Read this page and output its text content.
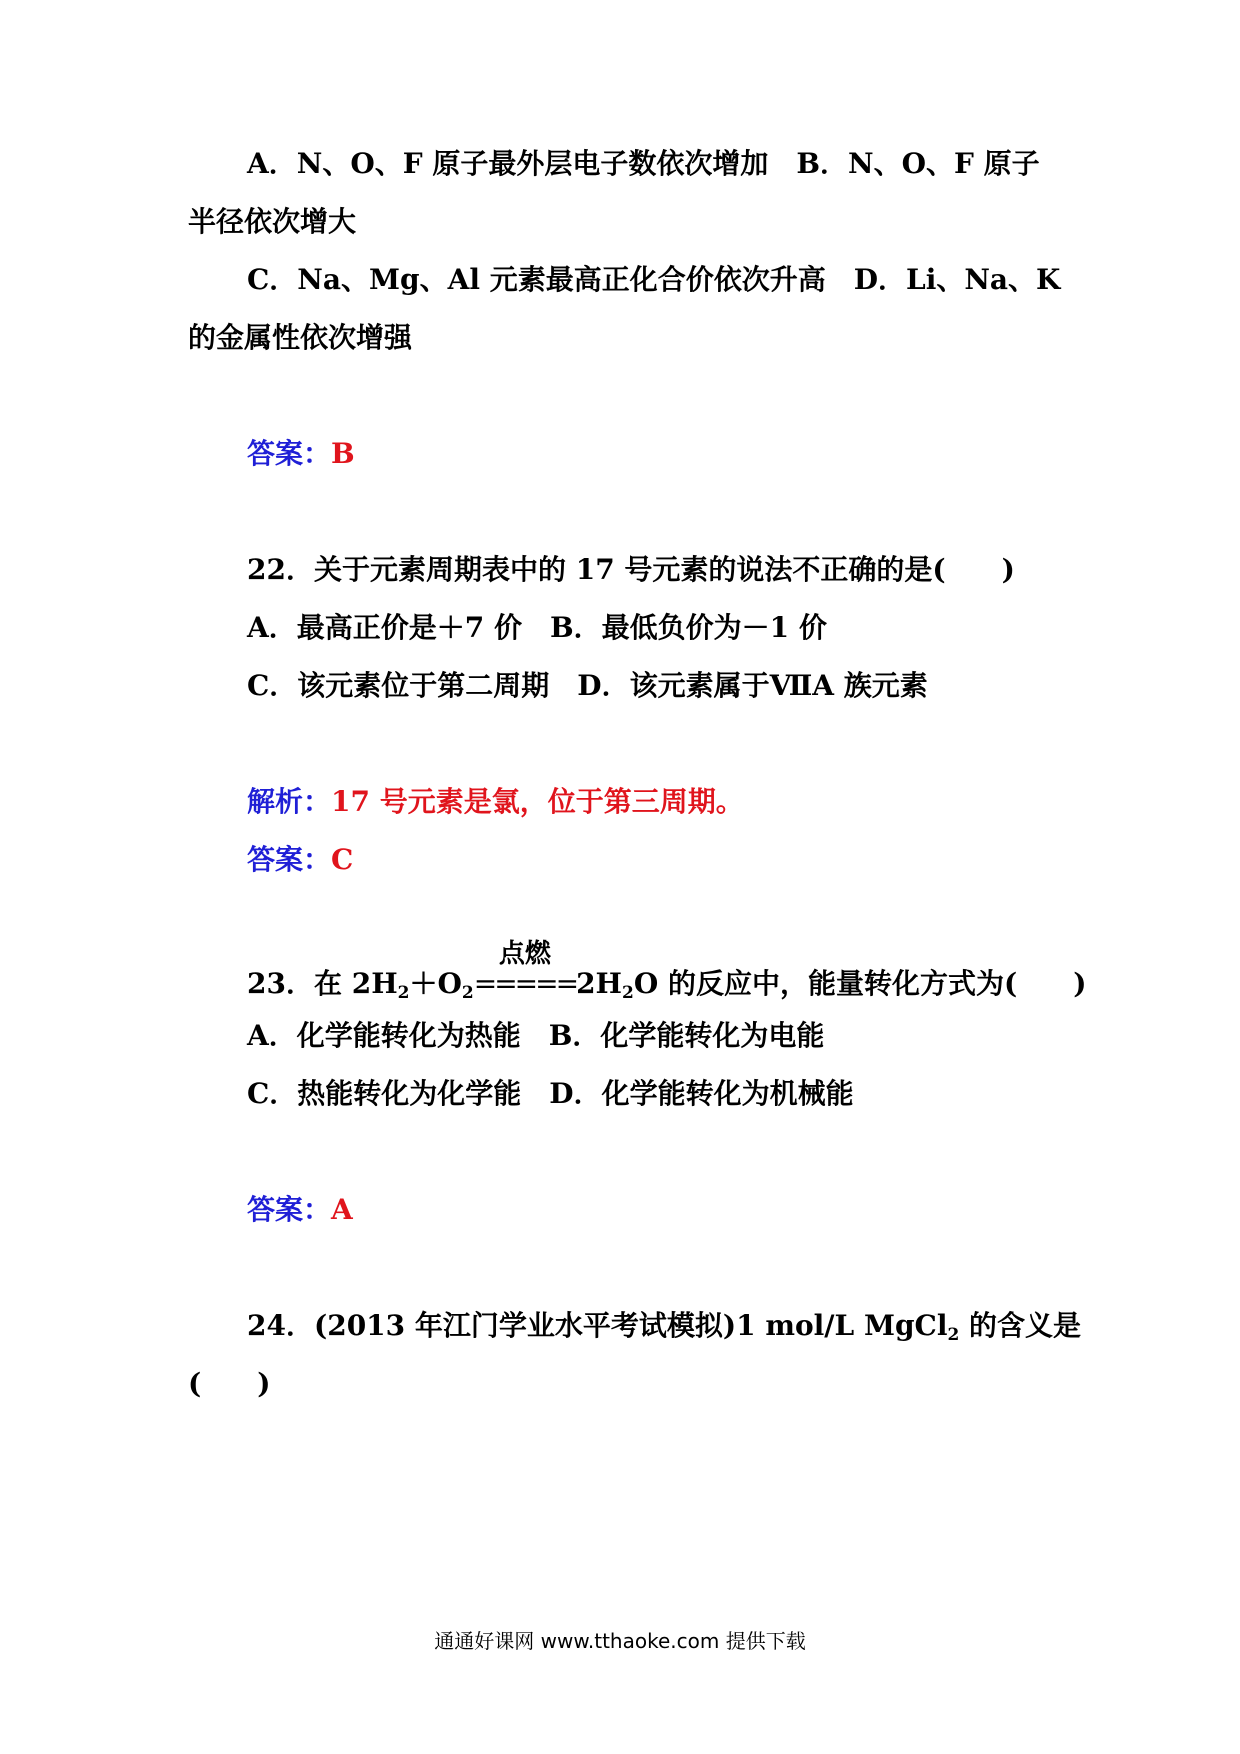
A．N、O、F 原子最外层电子数依次增加 B．N、O、F 原子
半径依次增大
C．Na、Mg、Al 元素最高正化合价依次升高 D．Li、Na、K
的金属性依次增强
答案：B
22．关于元素周期表中的 17 号元素的说法不正确的是(　　)
A．最高正价是＋7 价 B．最低负价为－1 价
C．该元素位于第二周期 D．该元素属于ⅦA 族元素
解析：17 号元素是氯，位于第三周期。
答案：C
23．在 $2H_2+O_2$
点燃
$=====2H_2O$ 的反应中，能量转化方式为(　　)
A．化学能转化为热能 B．化学能转化为电能
C．热能转化为化学能 D．化学能转化为机械能
答案：A
24．(2013 年江门学业水平考试模拟)1 mol/L MgCl$_2$ 的含义是
(　　)
通通好课网 www.tthaoke.com 提供下载
